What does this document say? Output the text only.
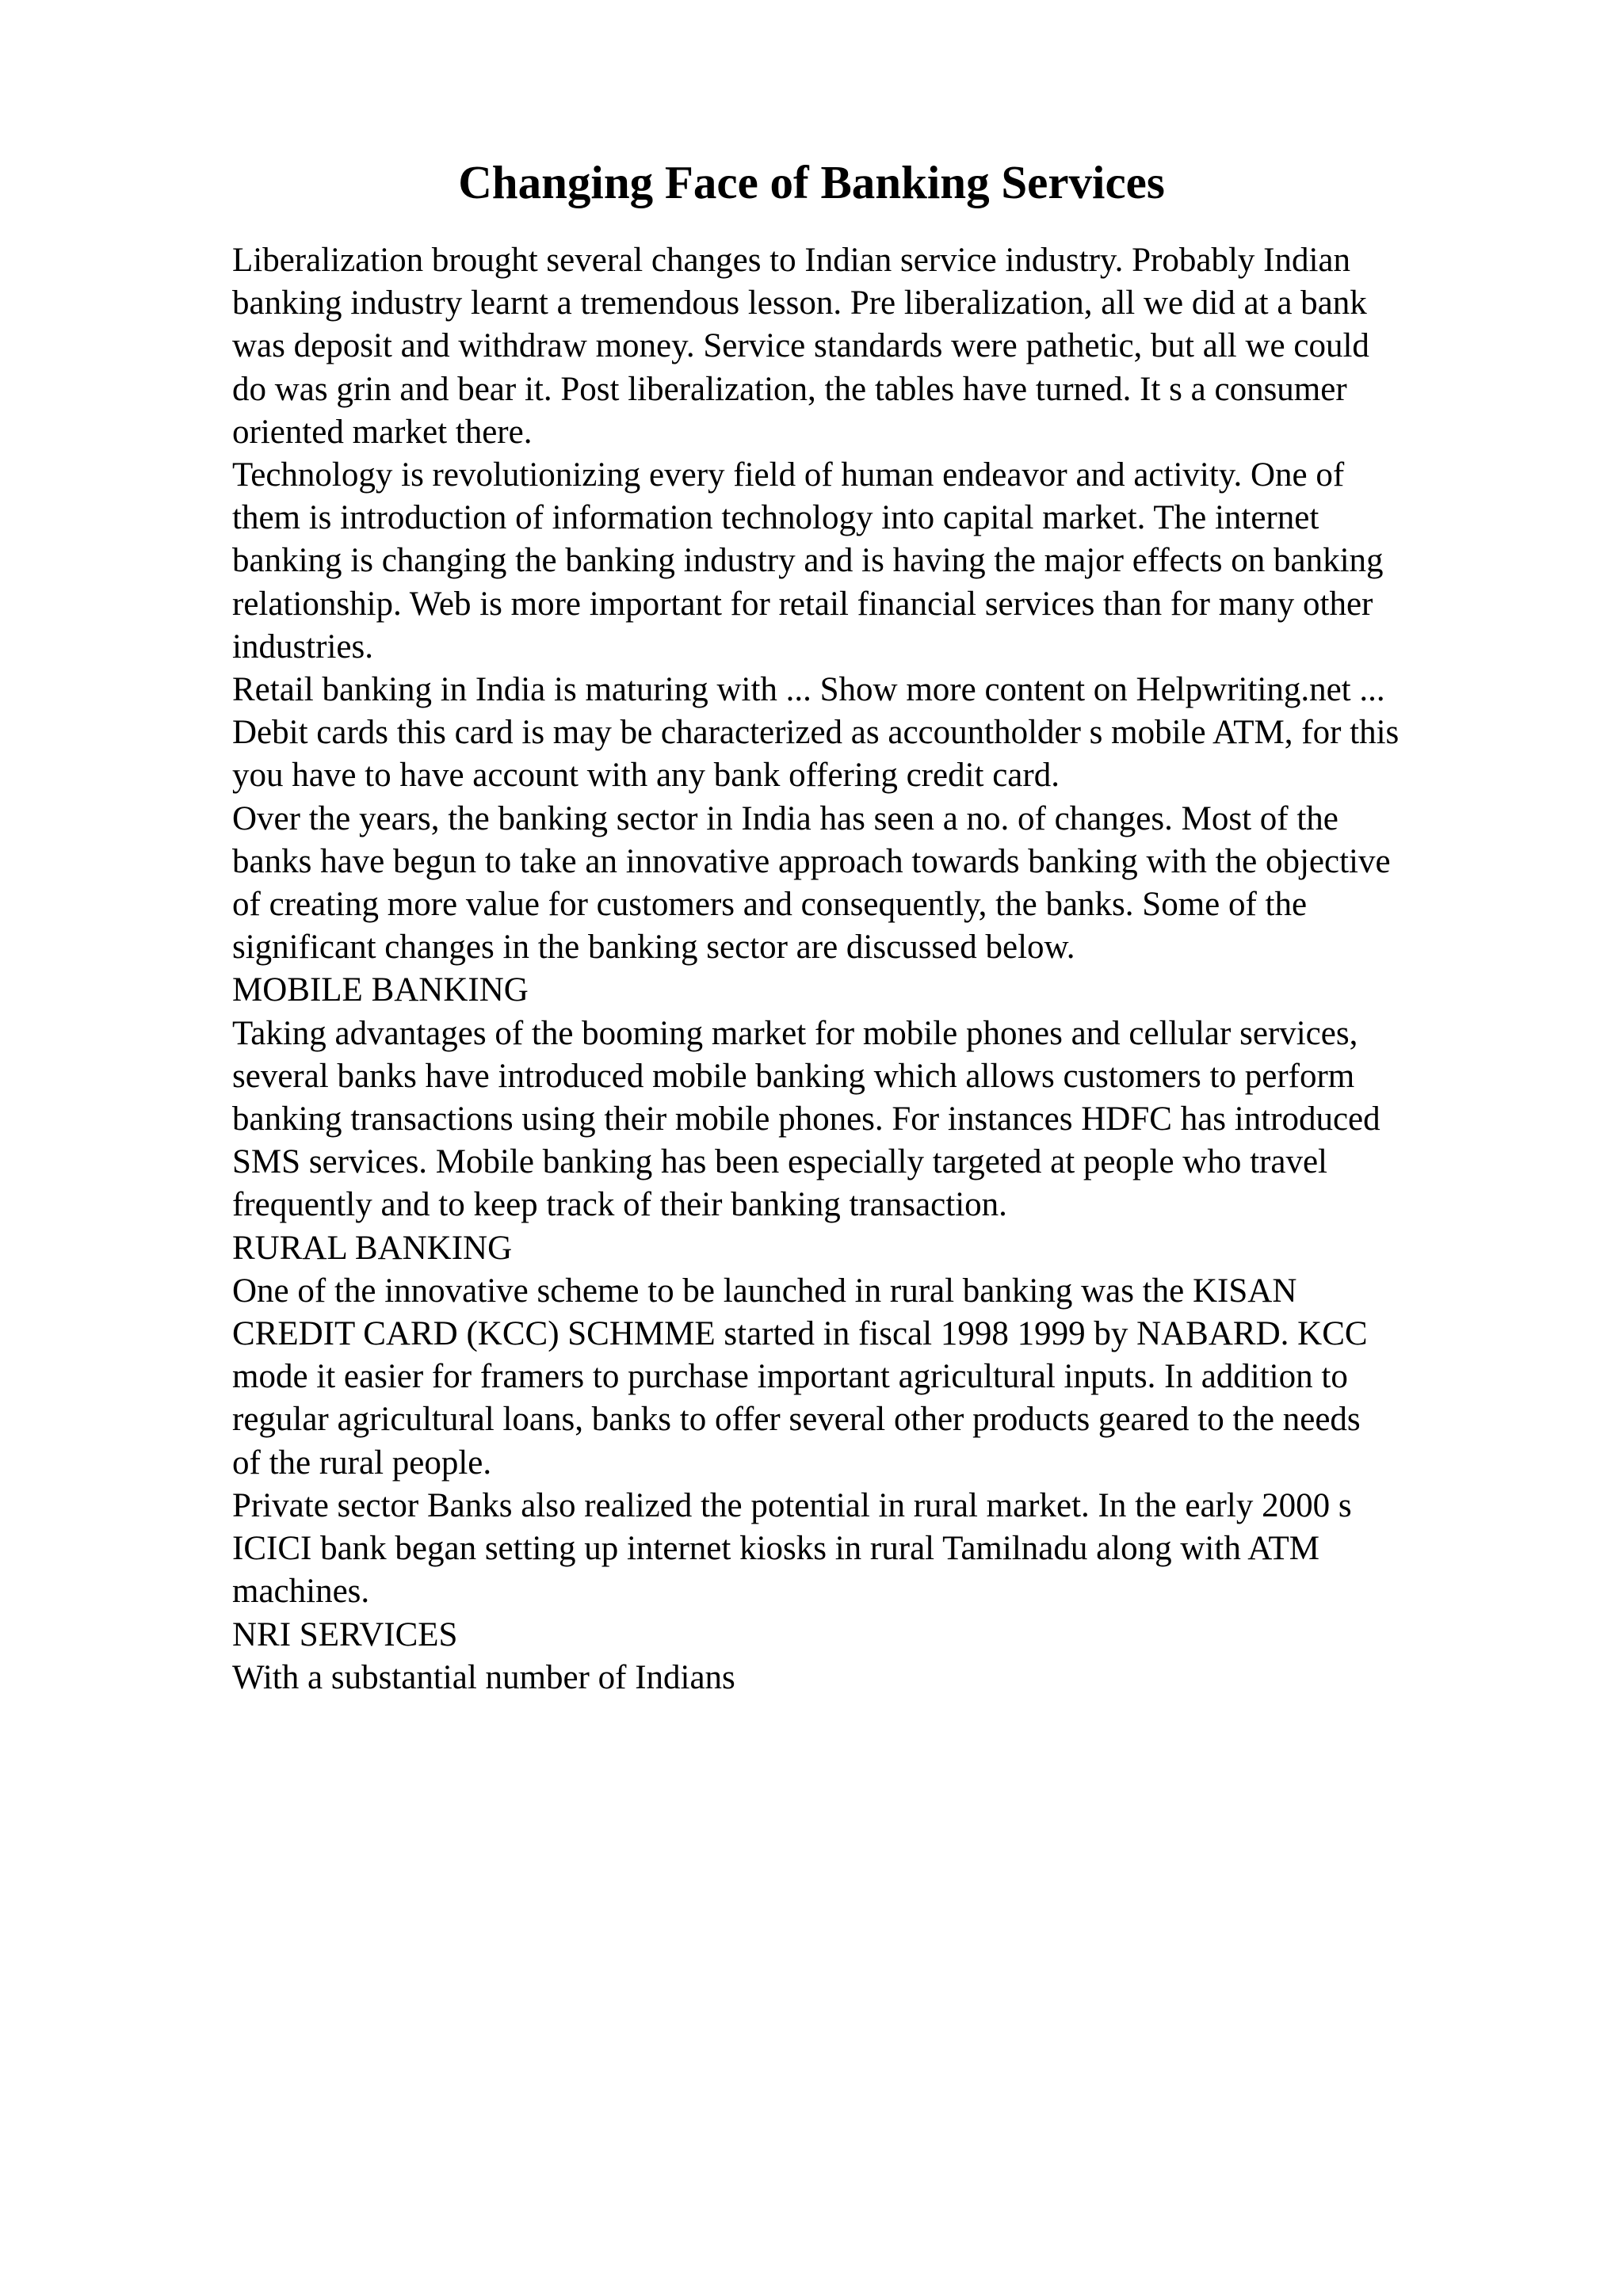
Changing Face of Banking Services
Liberalization brought several changes to Indian service industry. Probably Indian
banking industry learnt a tremendous lesson. Pre liberalization, all we did at a bank
was deposit and withdraw money. Service standards were pathetic, but all we could
do was grin and bear it. Post liberalization, the tables have turned. It s a consumer
oriented market there.
Technology is revolutionizing every field of human endeavor and activity. One of
them is introduction of information technology into capital market. The internet
banking is changing the banking industry and is having the major effects on banking
relationship. Web is more important for retail financial services than for many other
industries.
Retail banking in India is maturing with ... Show more content on Helpwriting.net ...
Debit cards this card is may be characterized as accountholder s mobile ATM, for this
you have to have account with any bank offering credit card.
Over the years, the banking sector in India has seen a no. of changes. Most of the
banks have begun to take an innovative approach towards banking with the objective
of creating more value for customers and consequently, the banks. Some of the
significant changes in the banking sector are discussed below.
MOBILE BANKING
Taking advantages of the booming market for mobile phones and cellular services,
several banks have introduced mobile banking which allows customers to perform
banking transactions using their mobile phones. For instances HDFC has introduced
SMS services. Mobile banking has been especially targeted at people who travel
frequently and to keep track of their banking transaction.
RURAL BANKING
One of the innovative scheme to be launched in rural banking was the KISAN
CREDIT CARD (KCC) SCHMME started in fiscal 1998 1999 by NABARD. KCC
mode it easier for framers to purchase important agricultural inputs. In addition to
regular agricultural loans, banks to offer several other products geared to the needs
of the rural people.
Private sector Banks also realized the potential in rural market. In the early 2000 s
ICICI bank began setting up internet kiosks in rural Tamilnadu along with ATM
machines.
NRI SERVICES
With a substantial number of Indians
